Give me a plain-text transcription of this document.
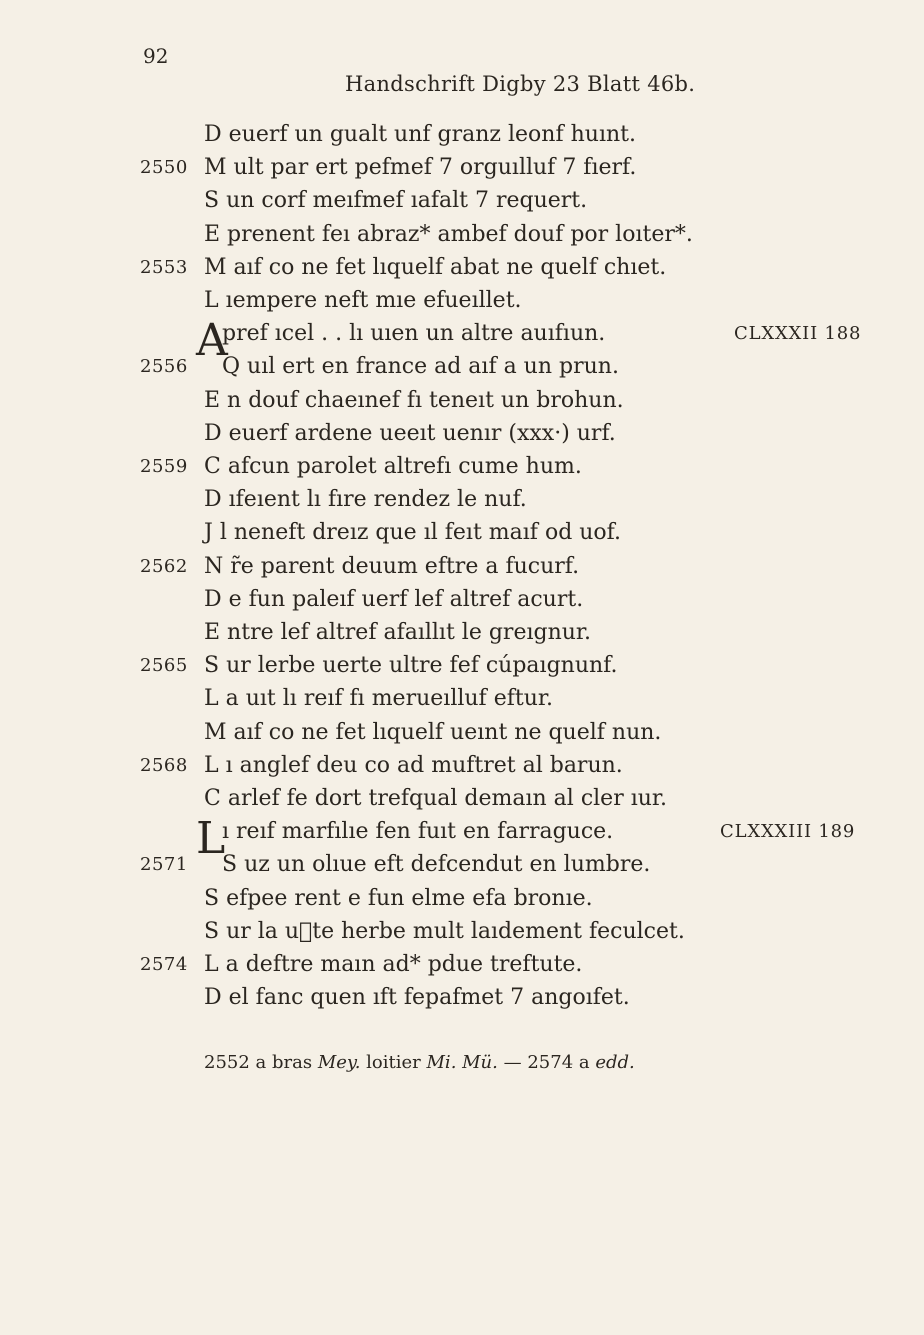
92
Handschrift Digby 23 Blatt 46b.
D euerf un gualt unf granz leonf huınt.
2550 M ult par ert pefmef 7 orguılluf 7 fıerf.
S un corf meıfmef ıafalt 7 requert.
E prenent feı abraz* ambef douf por loıter*.
2553 M aıf co ne fet lıquelf abat ne quelf chıet.
L ıempere neft mıe efueıllet.
A
pref ıcel . . lı uıen un altre auıfıun.	CLXXXII 188
2556 Q uıl ert en france ad aıf a un prun.
E n douf chaeınef fı teneıt un brohun.
D euerf ardene ueeıt uenır (xxx·) urf.
2559 C afcun parolet altrefı cume hum.
D ıfeıent lı fıre rendez le nuf.
J l neneft dreız que ıl feıt maıf od uof.
2562 N r̃e parent deuum eftre a fucurf.
D e fun paleıf uerf lef altref acurt.
E ntre lef altref afaıllıt le greıgnur.
2565 S ur lerbe uerte ultre fef cúpaıgnunf.
L a uıt lı reıf fı merueılluf eftur.
M aıf co ne fet lıquelf ueınt ne quelf nun.
2568 L ı anglef deu co ad muftret al barun.
C arlef fe dort trefqual demaın al cler ıur.
L
ı reıf marfılıe fen fuıt en farraguce.	CLXXXIII 189
2571 S uz un olıue eft defcendut en lumbre.
S efpee rent e fun elme efa bronıe.
S ur la u᷑te herbe mult laıdement feculcet.
2574 L a deftre maın ad* pdue treftute.
D el fanc quen ıft fepafmet 7 angoıfet.
2552 a bras Mey. loitier Mi. Mü. — 2574 a edd.
